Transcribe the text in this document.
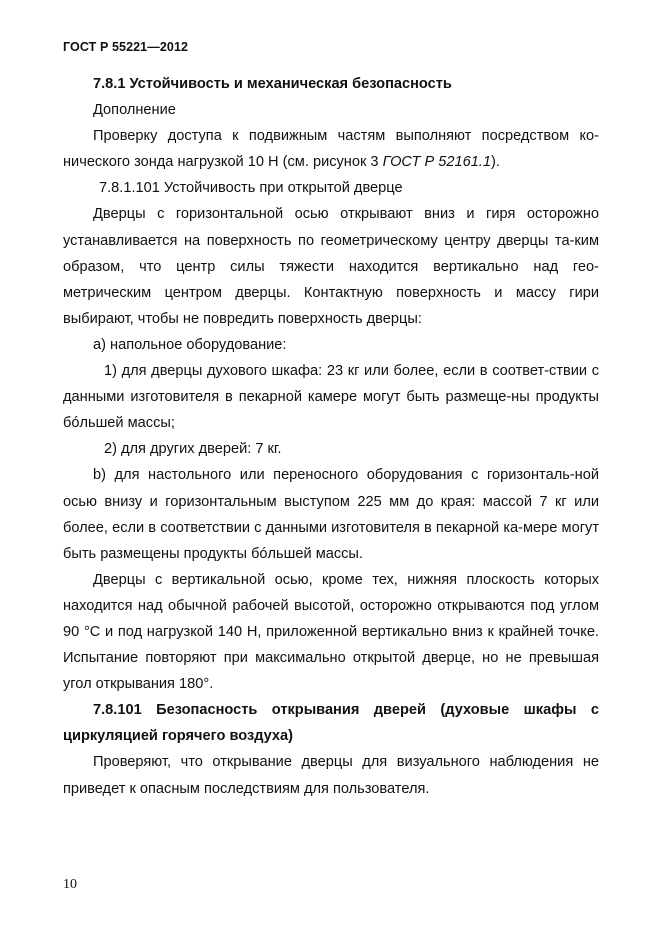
ГОСТ Р 55221—2012

7.8.1 Устойчивость и механическая безопасность

Дополнение

Проверку доступа к подвижным частям выполняют посредством ко-нического зонда нагрузкой 10 Н (см. рисунок 3 ГОСТ Р 52161.1).

7.8.1.101 Устойчивость при открытой дверце

Дверцы с горизонтальной осью открывают вниз и гиря осторожно устанавливается на поверхность по геометрическому центру дверцы та-ким образом, что центр силы тяжести находится вертикально над гео-метрическим центром дверцы. Контактную поверхность и массу гири выбирают, чтобы не повредить поверхность дверцы:

а) напольное оборудование:

1) для дверцы духового шкафа: 23 кг или более, если в соответ-ствии с данными изготовителя в пекарной камере могут быть размеще-ны продукты бóльшей массы;

2) для других дверей: 7 кг.

b) для настольного или переносного оборудования с горизонталь-ной осью внизу и горизонтальным выступом 225 мм до края: массой 7 кг или более, если в соответствии с данными изготовителя в пекарной ка-мере могут быть размещены продукты бóльшей массы.

Дверцы с вертикальной осью, кроме тех, нижняя плоскость которых находится над обычной рабочей высотой, осторожно открываются под углом 90 °С и под нагрузкой 140 Н, приложенной вертикально вниз к крайней точке. Испытание повторяют при максимально открытой дверце, но не превышая угол открывания 180°.

7.8.101 Безопасность открывания дверей (духовые шкафы с циркуляцией горячего воздуха)

Проверяют, что открывание дверцы для визуального наблюдения не приведет к опасным последствиям для пользователя.

10
